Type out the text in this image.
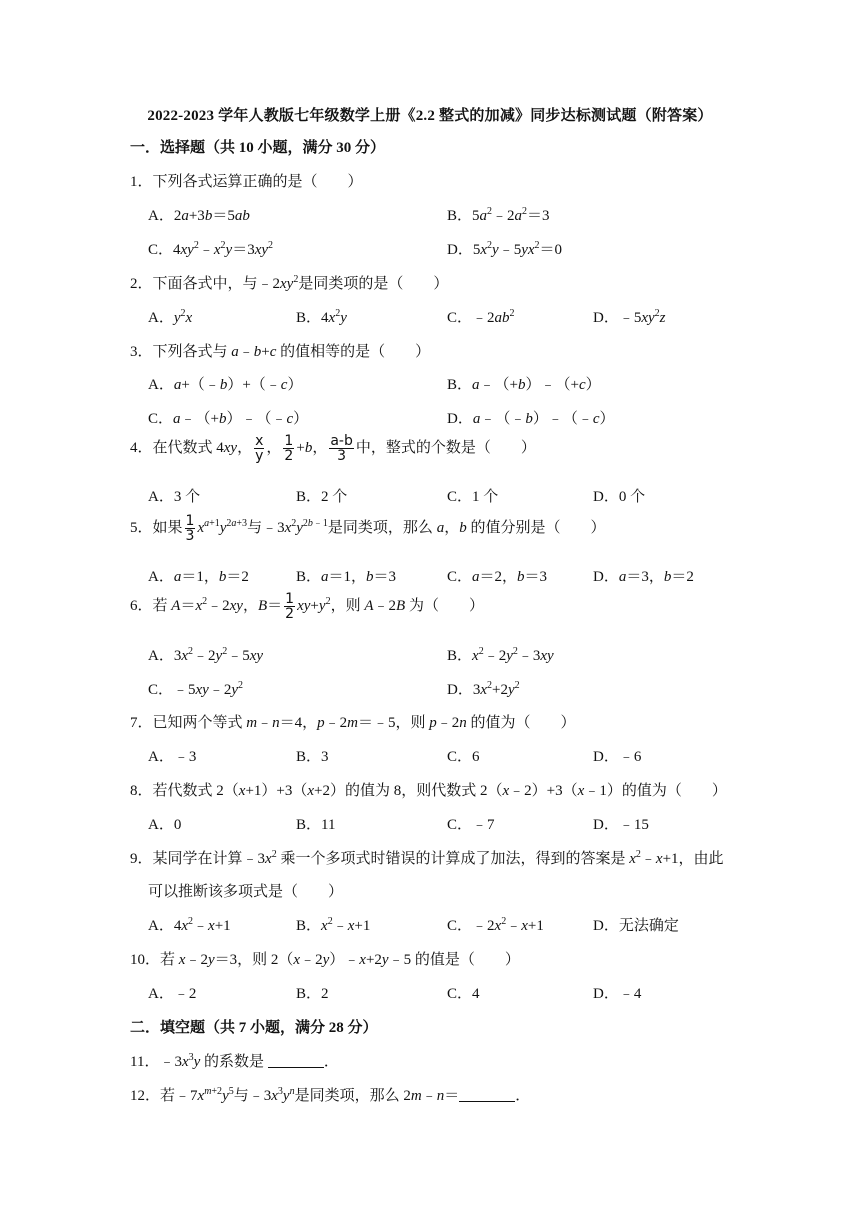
2022-2023 学年人教版七年级数学上册《2.2 整式的加减》同步达标测试题（附答案）
一．选择题（共 10 小题，满分 30 分）
1．下列各式运算正确的是（　　）
A．2a+3b＝5ab	B．$5a^2﹣2a^2=3$
C．$4xy^2﹣x^2y=3xy^2$	D．$5x^2y﹣5yx^2=0$
2．下面各式中，与$﹣2xy^2$是同类项的是（　　）
A．$y^2x$	B．$4x^2y$	C．$﹣2ab^2$	D．$﹣5xy^2z$
3．下列各式与 a﹣b+c 的值相等的是（　　）
A．a+（﹣b）+（﹣c）	B．a﹣（+b）﹣（+c）
C．a﹣（+b）﹣（﹣c）	D．a﹣（﹣b）﹣（﹣c）
4．在代数式 4xy， $\frac{x}{y}$ ， $\frac{1}{2} +b$， $\frac{a-b}{3}$ 中，整式的个数是（　　）
A．3 个	B．2 个	C．1 个	D．0 个
5．如果 $\frac{1}{3} x^{a+1}y^{2a+3}$与$﹣3x^2y^{2b﹣1}$是同类项，那么 a，b 的值分别是（　　）
A．a＝1，b＝2	B．a＝1，b＝3	C．a＝2，b＝3	D．a＝3，b＝2
6．若 $A=x^2﹣2xy$，$B= \frac{1}{2} xy+y^2$，则 A﹣2B 为（　　）
A．$3x^2﹣2y^2﹣5xy$	B．$x^2﹣2y^2﹣3xy$
C．$﹣5xy﹣2y^2$	D．$3x^2+2y^2$
7．已知两个等式 m﹣n＝4，p﹣2m＝﹣5，则 p﹣2n 的值为（　　）
A．﹣3	B．3	C．6	D．﹣6
8．若代数式 2（x+1）+3（x+2）的值为 8，则代数式 2（x﹣2）+3（x﹣1）的值为（　　）
A．0	B．11	C．﹣7	D．﹣15
9．某同学在计算$﹣3x^2$ 乘一个多项式时错误的计算成了加法，得到的答案是 $x^2﹣x+1$，由此
可以推断该多项式是（　　）
A．$4x^2﹣x+1$	B．$x^2﹣x+1$	C．$﹣2x^2﹣x+1$	D．无法确定
10．若 x﹣2y＝3，则 2（x﹣2y）﹣x+2y﹣5 的值是（　　）
A．﹣2	B．2	C．4	D．﹣4
二．填空题（共 7 小题，满分 28 分）
11．$﹣3x^3y$ 的系数是	．
12．若$﹣7x^{m+2}y^5$与$﹣3x^3y^n$是同类项，那么 2m﹣n＝	．
